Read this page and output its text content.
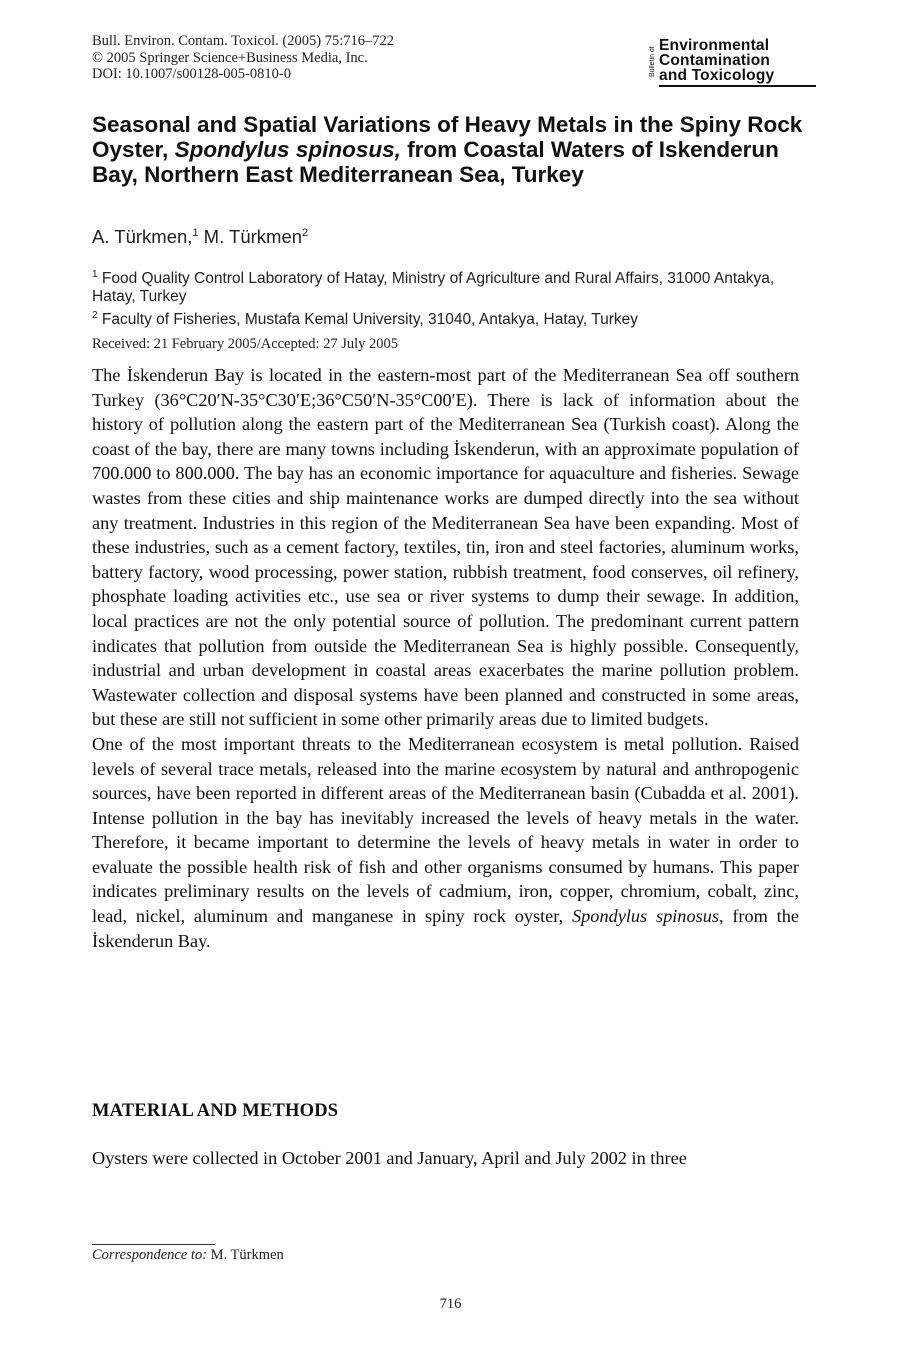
Bull. Environ. Contam. Toxicol. (2005) 75:716–722
© 2005 Springer Science+Business Media, Inc.
DOI: 10.1007/s00128-005-0810-0	Bulletin of
Environmental
Contamination
and Toxicology
Seasonal and Spatial Variations of Heavy Metals in the Spiny Rock Oyster, Spondylus spinosus, from Coastal Waters of Iskenderun Bay, Northern East Mediterranean Sea, Turkey
A. Türkmen,$^1$ M. Türkmen$^2$
$^1$ Food Quality Control Laboratory of Hatay, Ministry of Agriculture and Rural Affairs, 31000 Antakya, Hatay, Turkey
$^2$ Faculty of Fisheries, Mustafa Kemal University, 31040, Antakya, Hatay, Turkey
Received: 21 February 2005/Accepted: 27 July 2005

The İskenderun Bay is located in the eastern-most part of the Mediterranean Sea off southern Turkey (36°C20′N-35°C30′E;36°C50′N-35°C00′E). There is lack of information about the history of pollution along the eastern part of the Mediterranean Sea (Turkish coast). Along the coast of the bay, there are many towns including İskenderun, with an approximate population of 700.000 to 800.000. The bay has an economic importance for aquaculture and fisheries. Sewage wastes from these cities and ship maintenance works are dumped directly into the sea without any treatment. Industries in this region of the Mediterranean Sea have been expanding. Most of these industries, such as a cement factory, textiles, tin, iron and steel factories, aluminum works, battery factory, wood processing, power station, rubbish treatment, food conserves, oil refinery, phosphate loading activities etc., use sea or river systems to dump their sewage. In addition, local practices are not the only potential source of pollution. The predominant current pattern indicates that pollution from outside the Mediterranean Sea is highly possible. Consequently, industrial and urban development in coastal areas exacerbates the marine pollution problem. Wastewater collection and disposal systems have been planned and constructed in some areas, but these are still not sufficient in some other primarily areas due to limited budgets.

One of the most important threats to the Mediterranean ecosystem is metal pollution. Raised levels of several trace metals, released into the marine ecosystem by natural and anthropogenic sources, have been reported in different areas of the Mediterranean basin (Cubadda et al. 2001). Intense pollution in the bay has inevitably increased the levels of heavy metals in the water. Therefore, it became important to determine the levels of heavy metals in water in order to evaluate the possible health risk of fish and other organisms consumed by humans. This paper indicates preliminary results on the levels of cadmium, iron, copper, chromium, cobalt, zinc, lead, nickel, aluminum and manganese in spiny rock oyster, Spondylus spinosus, from the İskenderun Bay.

MATERIAL AND METHODS
Oysters were collected in October 2001 and January, April and July 2002 in three
Correspondence to: M. Türkmen
716
